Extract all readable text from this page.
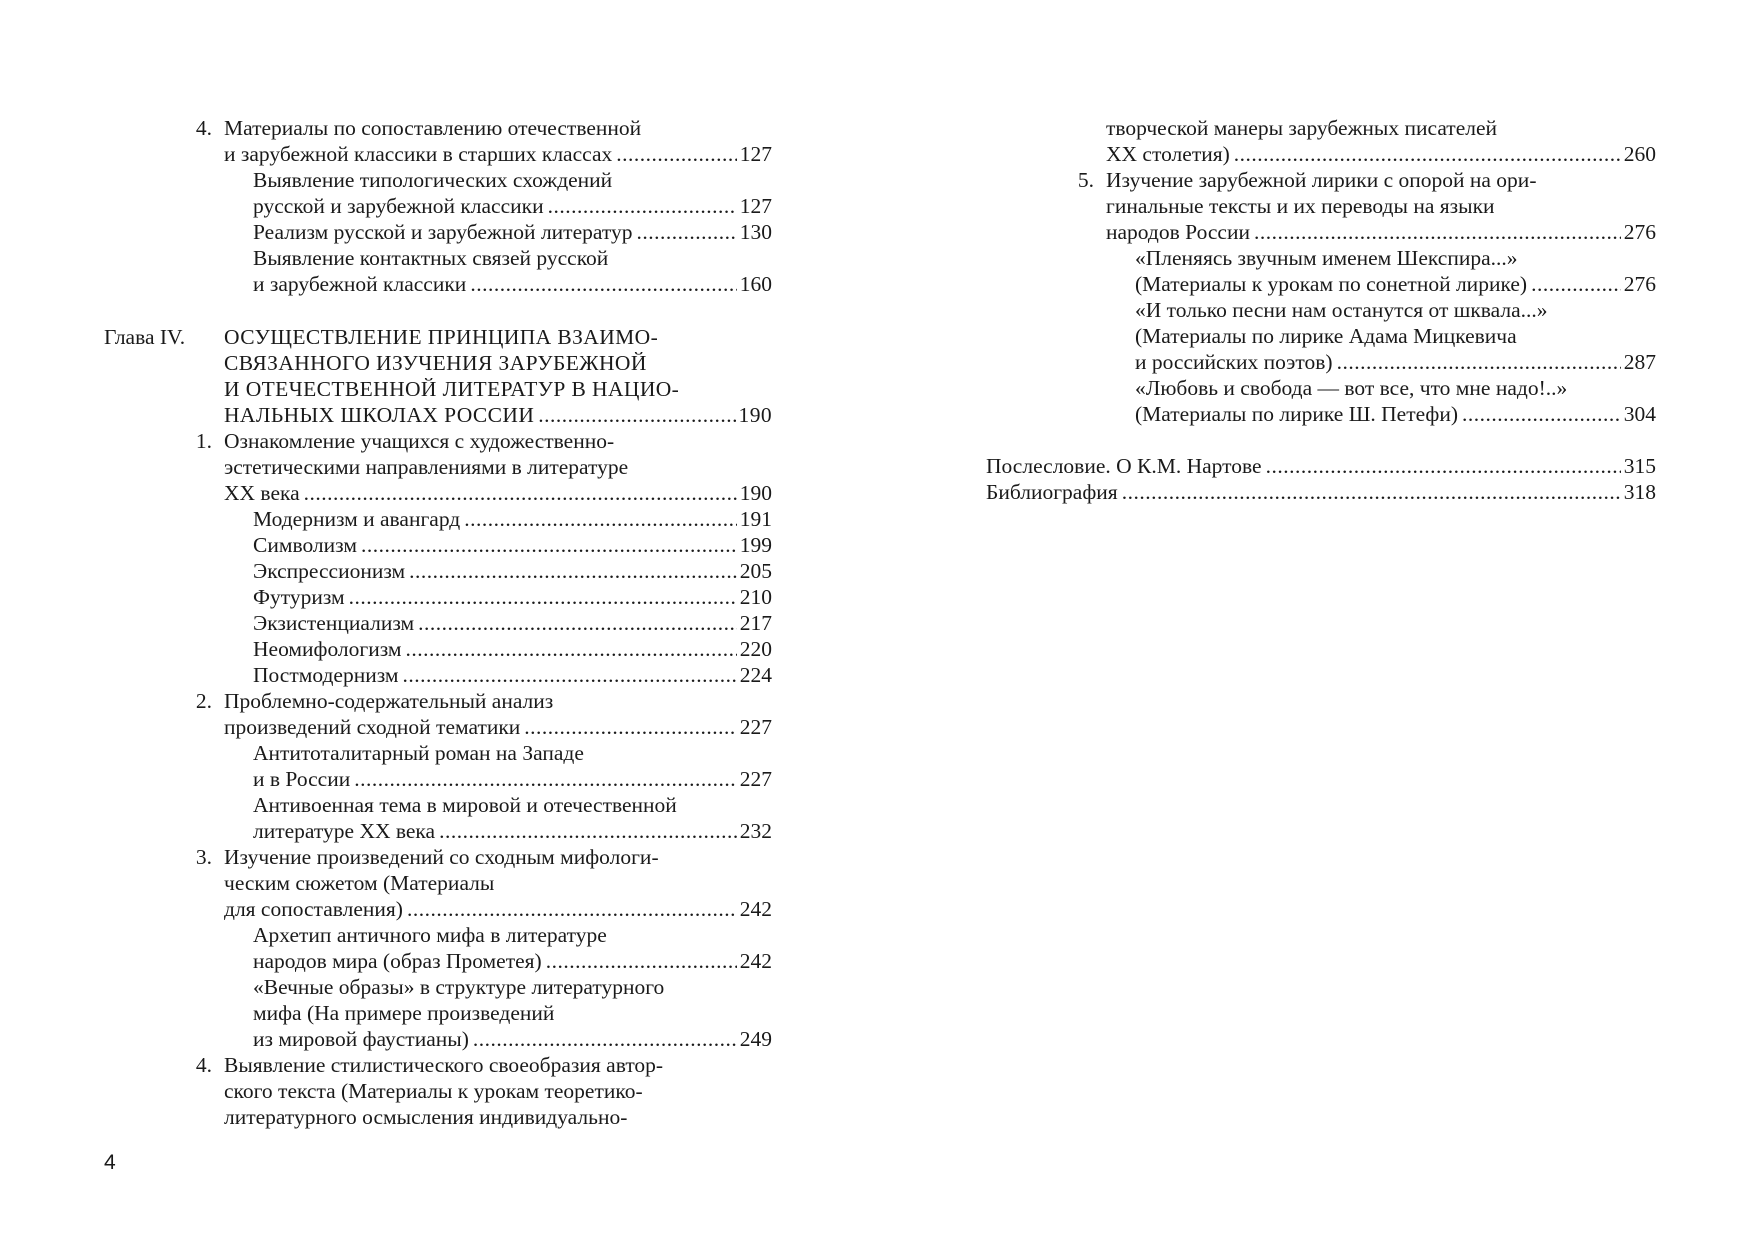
4. Материалы по сопоставлению отечественной
и зарубежной классики в старших классах .....	127
Выявление типологических схождений
русской и зарубежной классики .....	127
Реализм русской и зарубежной литератур .....	130
Выявление контактных связей русской
и зарубежной классики .....	160
Глава IV. ОСУЩЕСТВЛЕНИЕ ПРИНЦИПА ВЗАИМО-
СВЯЗАННОГО ИЗУЧЕНИЯ ЗАРУБЕЖНОЙ
И ОТЕЧЕСТВЕННОЙ ЛИТЕРАТУР В НАЦИО-
НАЛЬНЫХ ШКОЛАХ РОССИИ .....	190
1. Ознакомление учащихся с художественно-
эстетическими направлениями в литературе
XX века .....	190
Модернизм и авангард .....	191
Символизм .....	199
Экспрессионизм .....	205
Футуризм .....	210
Экзистенциализм .....	217
Неомифологизм .....	220
Постмодернизм .....	224
2. Проблемно-содержательный анализ
произведений сходной тематики .....	227
Антитоталитарный роман на Западе
и в России .....	227
Антивоенная тема в мировой и отечественной
литературе XX века .....	232
3. Изучение произведений со сходным мифологи-
ческим сюжетом (Материалы
для сопоставления) .....	242
Архетип античного мифа в литературе
народов мира (образ Прометея) .....	242
«Вечные образы» в структуре литературного
мифа (На примере произведений
из мировой фаустианы) .....	249
4. Выявление стилистического своеобразия автор-
ского текста (Материалы к урокам теоретико-
литературного осмысления индивидуально-
творческой манеры зарубежных писателей
XX столетия) .....	260
5. Изучение зарубежной лирики с опорой на ори-
гинальные тексты и их переводы на языки
народов России .....	276
«Пленяясь звучным именем Шекспира...»
(Материалы к урокам по сонетной лирике) .....	276
«И только песни нам останутся от шквала...»
(Материалы по лирике Адама Мицкевича
и российских поэтов) .....	287
«Любовь и свобода — вот все, что мне надо!..»
(Материалы по лирике Ш. Петефи) .....	304
Послесловие. О К.М. Нартове .....	315
Библиография .....	318
4
